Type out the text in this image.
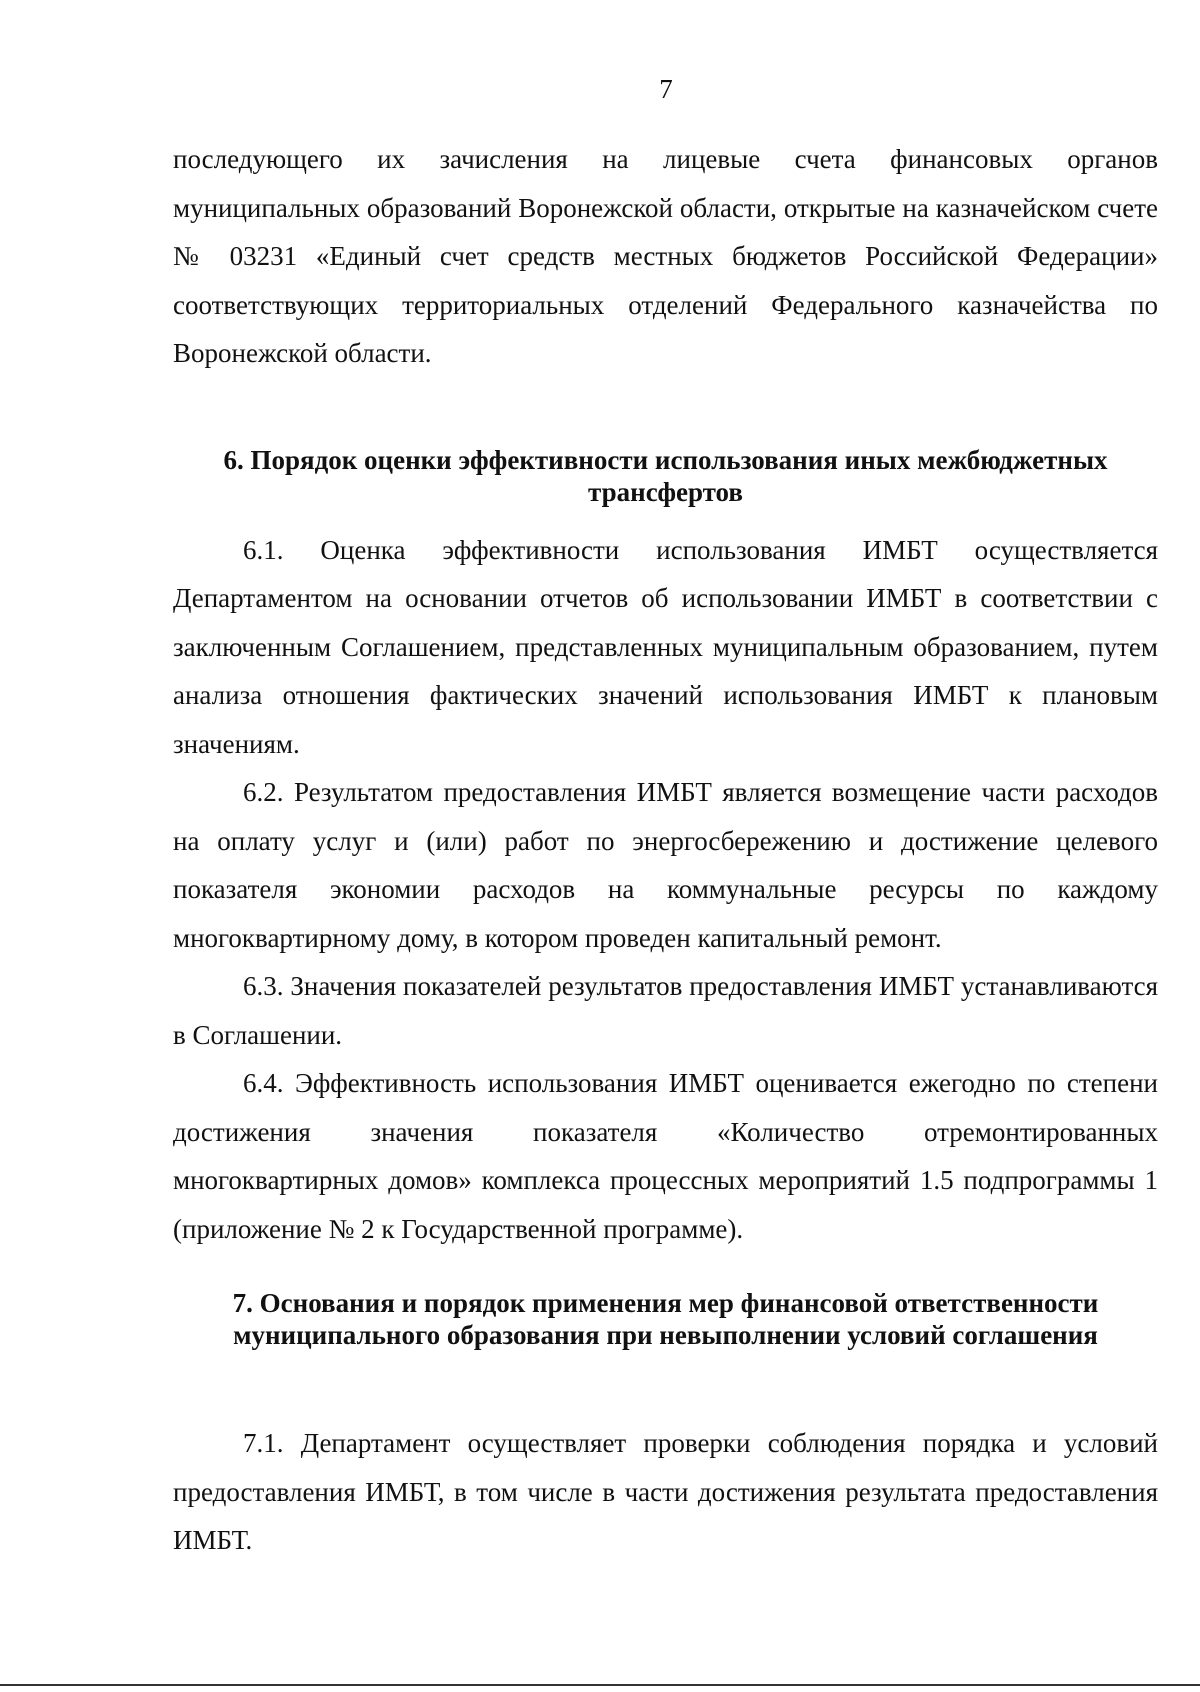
7

последующего их зачисления на лицевые счета финансовых органов муниципальных образований Воронежской области, открытые на казначейском счете № 03231 «Единый счет средств местных бюджетов Российской Федерации» соответствующих территориальных отделений Федерального казначейства по Воронежской области.

6. Порядок оценки эффективности использования иных межбюджетных трансфертов

6.1. Оценка эффективности использования ИМБТ осуществляется Департаментом на основании отчетов об использовании ИМБТ в соответствии с заключенным Соглашением, представленных муниципальным образованием, путем анализа отношения фактических значений использования ИМБТ к плановым значениям.

6.2. Результатом предоставления ИМБТ является возмещение части расходов на оплату услуг и (или) работ по энергосбережению и достижение целевого показателя экономии расходов на коммунальные ресурсы по каждому многоквартирному дому, в котором проведен капитальный ремонт.

6.3. Значения показателей результатов предоставления ИМБТ устанавливаются в Соглашении.

6.4. Эффективность использования ИМБТ оценивается ежегодно по степени достижения значения показателя «Количество отремонтированных многоквартирных домов» комплекса процессных мероприятий 1.5 подпрограммы 1 (приложение № 2 к Государственной программе).

7. Основания и порядок применения мер финансовой ответственности муниципального образования при невыполнении условий соглашения

7.1. Департамент осуществляет проверки соблюдения порядка и условий предоставления ИМБТ, в том числе в части достижения результата предоставления ИМБТ.
